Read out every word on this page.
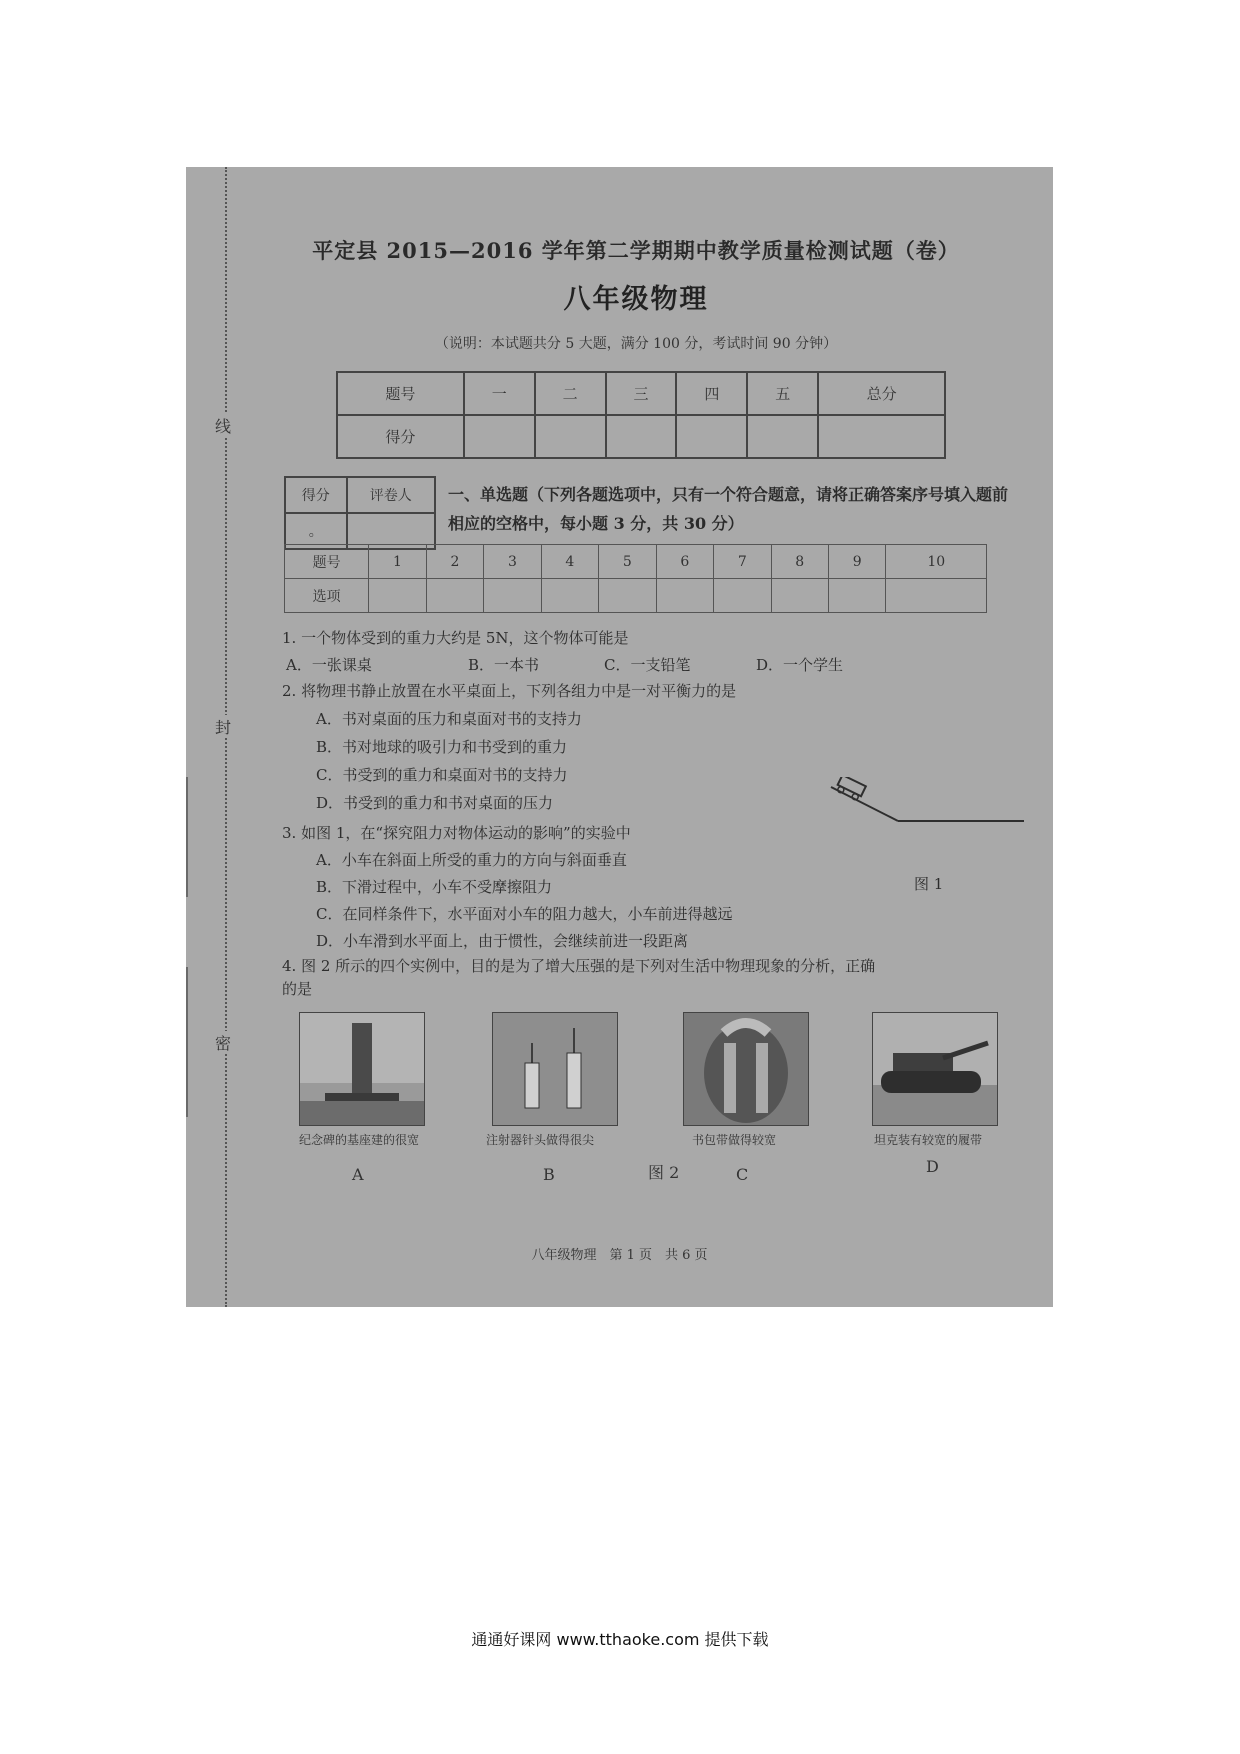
线
封
密
平定县 2015—2016 学年第二学期期中教学质量检测试题（卷）
八年级物理
（说明：本试题共分 5 大题，满分 100 分，考试时间 90 分钟）
题号	一	二	三	四	五	总分
得分						
得分	评卷人
。	
一、单选题（下列各题选项中，只有一个符合题意，请将正确答案序号填入题前相应的空格中，每小题 3 分，共 30 分）
题号	1	2	3	4	5	6	7	8	9	10
选项										
1. 一个物体受到的重力大约是 5N，这个物体可能是
A．一张课桌	B．一本书	C．一支铅笔	D．一个学生
2. 将物理书静止放置在水平桌面上，下列各组力中是一对平衡力的是
A．书对桌面的压力和桌面对书的支持力
B．书对地球的吸引力和书受到的重力
C．书受到的重力和桌面对书的支持力
D．书受到的重力和书对桌面的压力
图 1
3. 如图 1，在“探究阻力对物体运动的影响”的实验中
A．小车在斜面上所受的重力的方向与斜面垂直
B．下滑过程中，小车不受摩擦阻力
C．在同样条件下，水平面对小车的阻力越大，小车前进得越远
D．小车滑到水平面上，由于惯性，会继续前进一段距离
4. 图 2 所示的四个实例中，目的是为了增大压强的是下列对生活中物理现象的分析，正确
的是
纪念碑的基座建的很宽	注射器针头做得很尖	书包带做得较宽	坦克装有较宽的履带
A	B	图 2	C	D
八年级物理　第 1 页　共 6 页
通通好课网 www.tthaoke.com 提供下载
